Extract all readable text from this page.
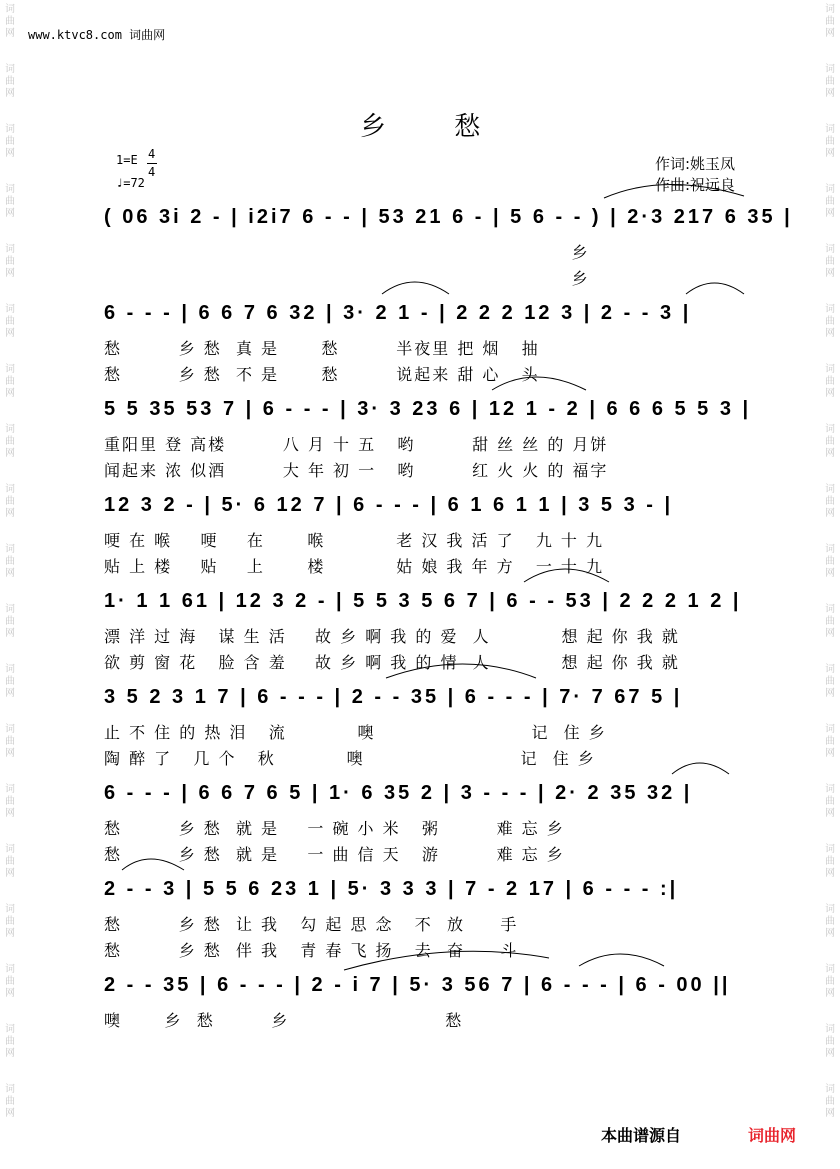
词
曲
网
词
曲
网
词
曲
网
词
曲
网
词
曲
网
词
曲
网
词
曲
网
词
曲
网
词
曲
网
词
曲
网
词
曲
网
词
曲
网
词
曲
网
词
曲
网
词
曲
网
词
曲
网
词
曲
网
词
曲
网
词
曲
网
词
曲
网
词
曲
网
词
曲
网
词
曲
网
词
曲
网
词
曲
网
词
曲
网
词
曲
网
词
曲
网
词
曲
网
词
曲
网
词
曲
网
词
曲
网
词
曲
网
词
曲
网
词
曲
网
词
曲
网
词
曲
网
词
曲
网
www.ktvc8.com 词曲网
乡 愁
1=E 4
4
♩=72
作词:姚玉凤
作曲:祝远良
( 06 3i 2 - | i2i7 6 - - | 53 21 6 - | 5 6 - - ) | 2·3 217 6 35 |
乡
乡
6 - - - | 6 6 7 6 32 | 3· 2 1 - | 2 2 2 12 3 | 2 - - 3 |
愁        乡 愁  真 是      愁        半夜里 把 烟   抽
愁        乡 愁  不 是      愁        说起来 甜 心   头
5 5 35 53 7 | 6 - - - | 3· 3 23 6 | 12 1 - 2 | 6 6 6 5 5 3 |
重阳里 登 高楼        八 月 十 五   哟        甜 丝 丝 的 月饼
闻起来 浓 似酒        大 年 初 一   哟        红 火 火 的 福字
12 3 2 - | 5· 6 12 7 | 6 - - - | 6 1 6 1 1 | 3 5 3 - |
哽 在 喉    哽    在      喉          老 汉 我 活 了   九 十 九
贴 上 楼    贴    上      楼          姑 娘 我 年 方   一 十 九
1· 1 1 61 | 12 3 2 - | 5 5 3 5 6 7 | 6 - - 53 | 2 2 2 1 2 |
漂 洋 过 海   谋 生 活    故 乡 啊 我 的 爱  人          想 起 你 我 就
欲 剪 窗 花   脸 含 羞    故 乡 啊 我 的 情  人          想 起 你 我 就
3 5 2 3 1 7 | 6 - - - | 2 - - 35 | 6 - - - | 7· 7 67 5 |
止 不 住 的 热 泪   流          噢                      记  住 乡
陶 醉 了   几 个   秋          噢                      记  住 乡
6 - - - | 6 6 7 6 5 | 1· 6 35 2 | 3 - - - | 2· 2 35 32 |
愁        乡 愁  就 是    一 碗 小 米   粥        难 忘 乡
愁        乡 愁  就 是    一 曲 信 天   游        难 忘 乡
2 - - 3 | 5 5 6 23 1 | 5· 3 3 3 | 7 - 2 17 | 6 - - - :|
愁        乡 愁  让 我   勾 起 思 念   不  放     手
愁        乡 愁  伴 我   青 春 飞 扬   去  奋     斗
2 - - 35 | 6 - - - | 2 - i 7 | 5· 3 56 7 | 6 - - - | 6 - 00 ||
噢      乡  愁        乡                      愁
本曲谱源自	词曲网
